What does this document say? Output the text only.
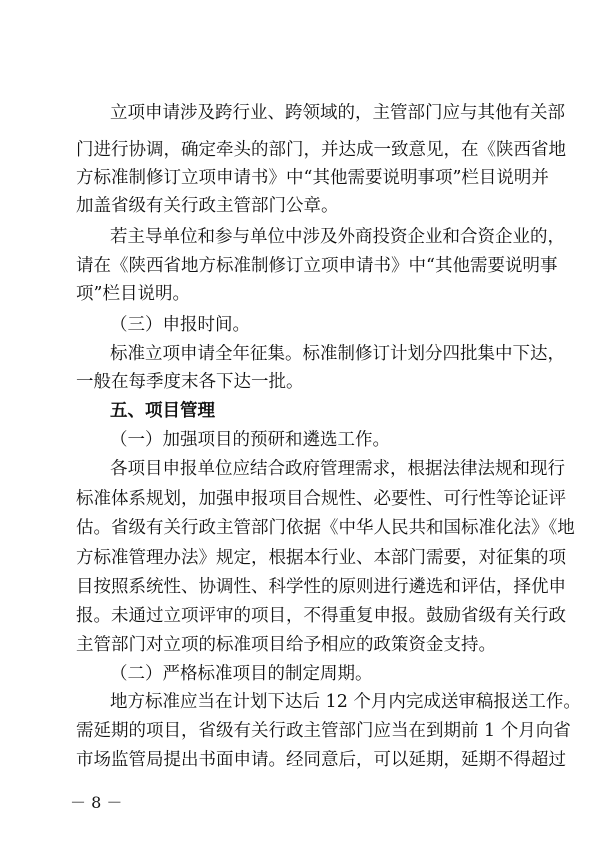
立项申请涉及跨行业、跨领域的，主管部门应与其他有关部
门进行协调，确定牵头的部门，并达成一致意见，在《陕西省地
方标准制修订立项申请书》中“其他需要说明事项”栏目说明并
加盖省级有关行政主管部门公章。
若主导单位和参与单位中涉及外商投资企业和合资企业的，
请在《陕西省地方标准制修订立项申请书》中“其他需要说明事
项”栏目说明。
（三）申报时间。
标准立项申请全年征集。标准制修订计划分四批集中下达，
一般在每季度末各下达一批。
五、项目管理
（一）加强项目的预研和遴选工作。
各项目申报单位应结合政府管理需求，根据法律法规和现行
标准体系规划，加强申报项目合规性、必要性、可行性等论证评
估。省级有关行政主管部门依据《中华人民共和国标准化法》《地
方标准管理办法》规定，根据本行业、本部门需要，对征集的项
目按照系统性、协调性、科学性的原则进行遴选和评估，择优申
报。未通过立项评审的项目，不得重复申报。鼓励省级有关行政
主管部门对立项的标准项目给予相应的政策资金支持。
（二）严格标准项目的制定周期。
地方标准应当在计划下达后 12 个月内完成送审稿报送工作。
需延期的项目，省级有关行政主管部门应当在到期前 1 个月向省
市场监管局提出书面申请。经同意后，可以延期，延期不得超过
－ 8 －
